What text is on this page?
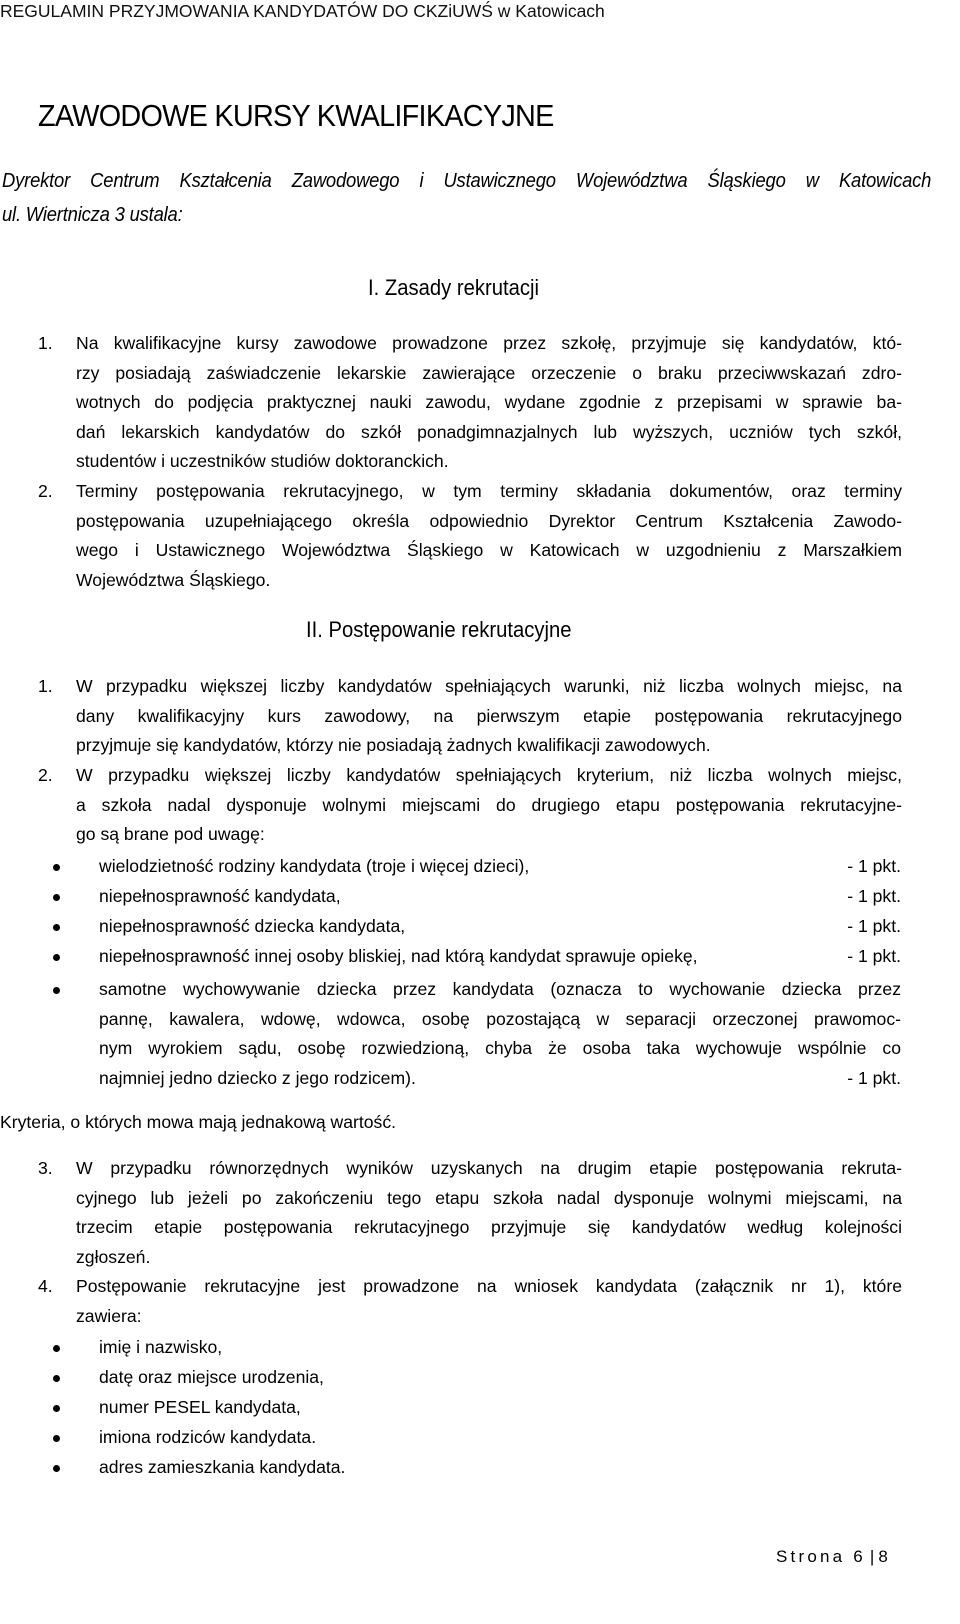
REGULAMIN PRZYJMOWANIA KANDYDATÓW DO CKZiUWŚ w Katowicach
ZAWODOWE KURSY KWALIFIKACYJNE
Dyrektor Centrum Kształcenia Zawodowego i Ustawicznego Województwa Śląskiego w Katowicach
ul. Wiertnicza 3 ustala:
I. Zasady rekrutacji
1. Na kwalifikacyjne kursy zawodowe prowadzone przez szkołę, przyjmuje się kandydatów, któ-
rzy posiadają zaświadczenie lekarskie zawierające orzeczenie o braku przeciwwskazań zdro-
wotnych do podjęcia praktycznej nauki zawodu, wydane zgodnie z przepisami w sprawie ba-
dań lekarskich kandydatów do szkół ponadgimnazjalnych lub wyższych, uczniów tych szkół,
studentów i uczestników studiów doktoranckich.
2. Terminy postępowania rekrutacyjnego, w tym terminy składania dokumentów, oraz terminy
postępowania uzupełniającego określa odpowiednio Dyrektor Centrum Kształcenia Zawodo-
wego i Ustawicznego Województwa Śląskiego w Katowicach w uzgodnieniu z Marszałkiem
Województwa Śląskiego.
II. Postępowanie rekrutacyjne
1. W przypadku większej liczby kandydatów spełniających warunki, niż liczba wolnych miejsc, na
dany kwalifikacyjny kurs zawodowy, na pierwszym etapie postępowania rekrutacyjnego
przyjmuje się kandydatów, którzy nie posiadają żadnych kwalifikacji zawodowych.
2. W przypadku większej liczby kandydatów spełniających kryterium, niż liczba wolnych miejsc,
a szkoła nadal dysponuje wolnymi miejscami do drugiego etapu postępowania rekrutacyjne-
go są brane pod uwagę:
wielodzietność rodziny kandydata (troje i więcej dzieci),	- 1 pkt.
niepełnosprawność kandydata,	- 1 pkt.
niepełnosprawność dziecka kandydata,	- 1 pkt.
niepełnosprawność innej osoby bliskiej, nad którą kandydat sprawuje opiekę,	- 1 pkt.
samotne wychowywanie dziecka przez kandydata (oznacza to wychowanie dziecka przez
pannę, kawalera, wdowę, wdowca, osobę pozostającą w separacji orzeczonej prawomoc-
nym wyrokiem sądu, osobę rozwiedzioną, chyba że osoba taka wychowuje wspólnie co
najmniej jedno dziecko z jego rodzicem).	- 1 pkt.
Kryteria, o których mowa mają jednakową wartość.
3. W przypadku równorzędnych wyników uzyskanych na drugim etapie postępowania rekruta-
cyjnego lub jeżeli po zakończeniu tego etapu szkoła nadal dysponuje wolnymi miejscami, na
trzecim etapie postępowania rekrutacyjnego przyjmuje się kandydatów według kolejności
zgłoszeń.
4. Postępowanie rekrutacyjne jest prowadzone na wniosek kandydata (załącznik nr 1), które
zawiera:
imię i nazwisko,
datę oraz miejsce urodzenia,
numer PESEL kandydata,
imiona rodziców kandydata.
adres zamieszkania kandydata.
Strona 6 | 8
